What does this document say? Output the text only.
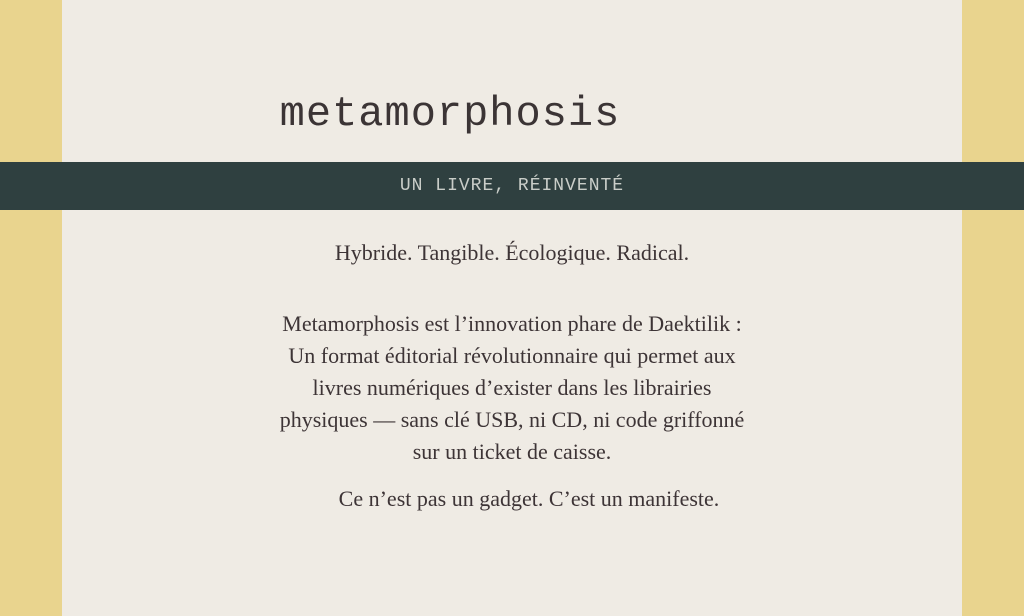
metamorphosis
UN LIVRE, RÉINVENTÉ
Hybride. Tangible. Écologique. Radical.
Metamorphosis est l’innovation phare de Daektilik :
Un format éditorial révolutionnaire qui permet aux
livres numériques d’exister dans les librairies
physiques — sans clé USB, ni CD, ni code griffonné
sur un ticket de caisse.
Ce n’est pas un gadget. C’est un manifeste.
